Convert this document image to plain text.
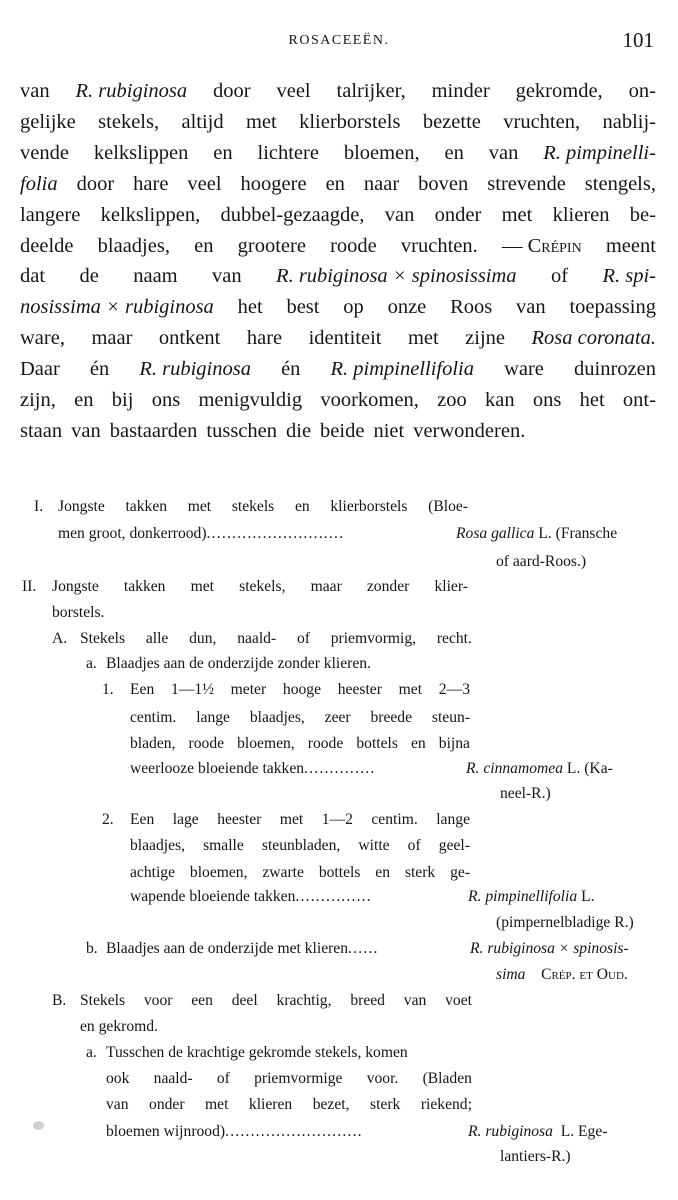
ROSACEEËN.	101
van R. rubiginosa door veel talrijker, minder gekromde, on-
gelijke stekels, altijd met klierborstels bezette vruchten, nablij-
vende kelkslippen en lichtere bloemen, en van R. pimpinelli-
folia door hare veel hoogere en naar boven strevende stengels,
langere kelkslippen, dubbel-gezaagde, van onder met klieren be-
deelde blaadjes, en grootere roode vruchten. — Crépin meent
dat de naam van R. rubiginosa × spinosissima of R. spi-
nosissima × rubiginosa het best op onze Roos van toepassing
ware, maar ontkent hare identiteit met zijne Rosa coronata.
Daar én R. rubiginosa én R. pimpinellifolia ware duinrozen
zijn, en bij ons menigvuldig voorkomen, zoo kan ons het ont-
staan van bastaarden tusschen die beide niet verwonderen.
I. Jongste takken met stekels en klierborstels (Bloe-
men groot, donkerrood)...........................	Rosa gallica L. (Fransche
of aard-Roos.)
II. Jongste takken met stekels, maar zonder klier-
borstels.
A. Stekels alle dun, naald- of priemvormig, recht.
a. Blaadjes aan de onderzijde zonder klieren.
1. Een 1—1½ meter hooge heester met 2—3
centim. lange blaadjes, zeer breede steun-
bladen, roode bloemen, roode bottels en bijna
weerlooze bloeiende takken..............	R. cinnamomea L. (Ka-
neel-R.)
2. Een lage heester met 1—2 centim. lange
blaadjes, smalle steunbladen, witte of geel-
achtige bloemen, zwarte bottels en sterk ge-
wapende bloeiende takken...............	R. pimpinellifolia L.
(pimpernelbladige R.)
b. Blaadjes aan de onderzijde met klieren......	R. rubiginosa × spinosis-
sima Crép. et Oud.
B. Stekels voor een deel krachtig, breed van voet
en gekromd.
a. Tusschen de krachtige gekromde stekels, komen
ook naald- of priemvormige voor. (Bladen
van onder met klieren bezet, sterk riekend;
bloemen wijnrood)...........................	R. rubiginosa L. Ege-
lantiers-R.)
